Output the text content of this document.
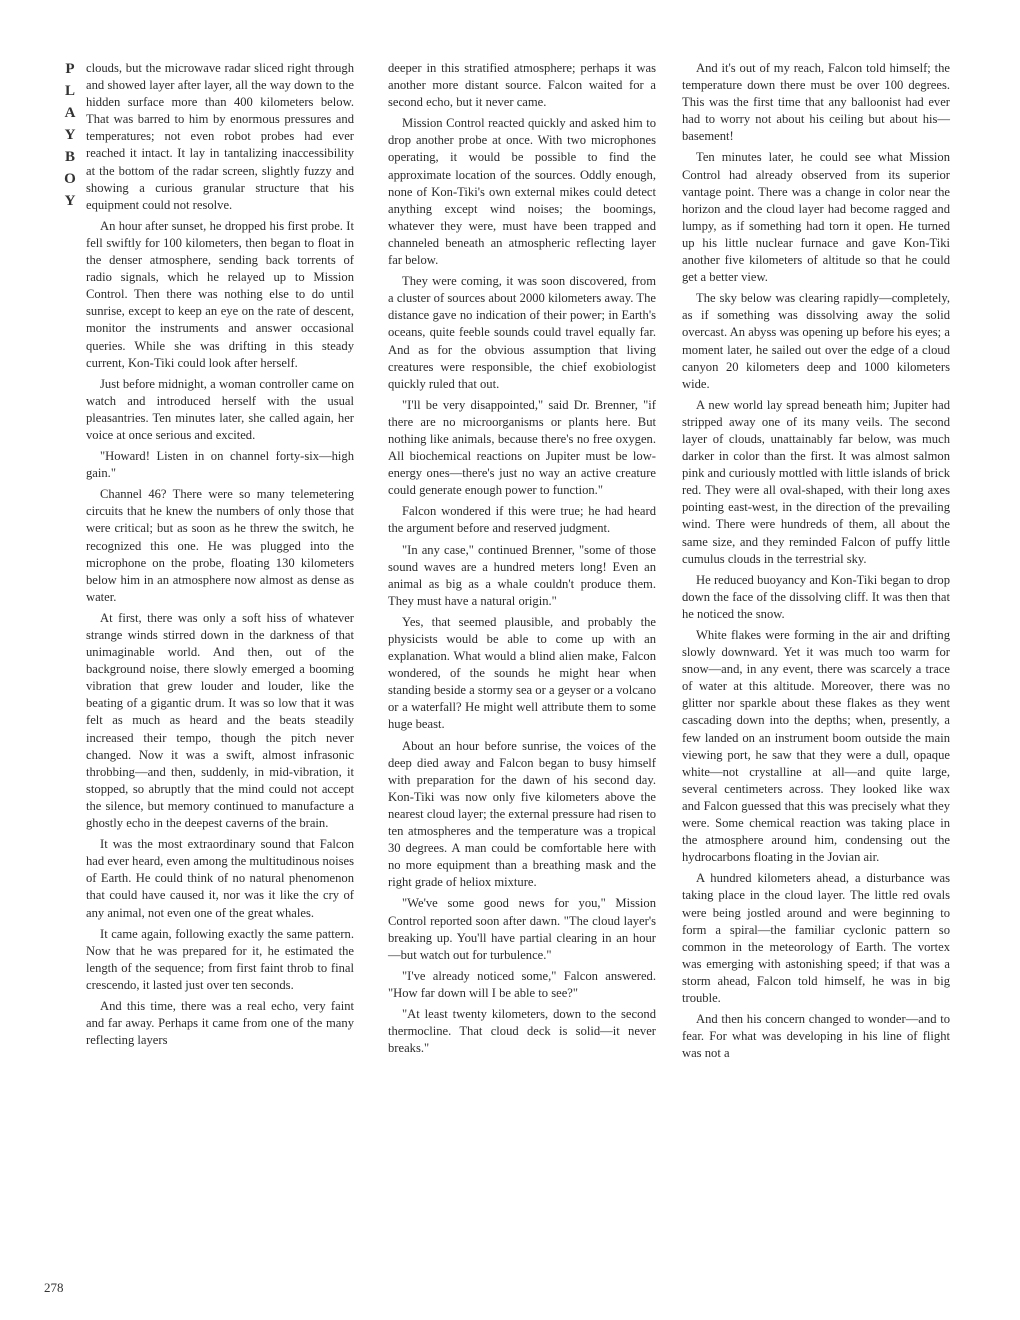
P
L
A
Y
B
O
Y

clouds, but the microwave radar sliced right through and showed layer after layer, all the way down to the hidden surface more than 400 kilometers below. That was barred to him by enormous pressures and temperatures; not even robot probes had ever reached it intact. It lay in tantalizing inaccessibility at the bottom of the radar screen, slightly fuzzy and showing a curious granular structure that his equipment could not resolve.

An hour after sunset, he dropped his first probe. It fell swiftly for 100 kilometers, then began to float in the denser atmosphere, sending back torrents of radio signals, which he relayed up to Mission Control. Then there was nothing else to do until sunrise, except to keep an eye on the rate of descent, monitor the instruments and answer occasional queries. While she was drifting in this steady current, Kon-Tiki could look after herself.

Just before midnight, a woman controller came on watch and introduced herself with the usual pleasantries. Ten minutes later, she called again, her voice at once serious and excited.

"Howard! Listen in on channel forty-six—high gain."

Channel 46? There were so many telemetering circuits that he knew the numbers of only those that were critical; but as soon as he threw the switch, he recognized this one. He was plugged into the microphone on the probe, floating 130 kilometers below him in an atmosphere now almost as dense as water.

At first, there was only a soft hiss of whatever strange winds stirred down in the darkness of that unimaginable world. And then, out of the background noise, there slowly emerged a booming vibration that grew louder and louder, like the beating of a gigantic drum. It was so low that it was felt as much as heard and the beats steadily increased their tempo, though the pitch never changed. Now it was a swift, almost infrasonic throbbing—and then, suddenly, in mid-vibration, it stopped, so abruptly that the mind could not accept the silence, but memory continued to manufacture a ghostly echo in the deepest caverns of the brain.

It was the most extraordinary sound that Falcon had ever heard, even among the multitudinous noises of Earth. He could think of no natural phenomenon that could have caused it, nor was it like the cry of any animal, not even one of the great whales.

It came again, following exactly the same pattern. Now that he was prepared for it, he estimated the length of the sequence; from first faint throb to final crescendo, it lasted just over ten seconds.

And this time, there was a real echo, very faint and far away. Perhaps it came from one of the many reflecting layers

deeper in this stratified atmosphere; perhaps it was another more distant source. Falcon waited for a second echo, but it never came.

Mission Control reacted quickly and asked him to drop another probe at once. With two microphones operating, it would be possible to find the approximate location of the sources. Oddly enough, none of Kon-Tiki's own external mikes could detect anything except wind noises; the boomings, whatever they were, must have been trapped and channeled beneath an atmospheric reflecting layer far below.

They were coming, it was soon discovered, from a cluster of sources about 2000 kilometers away. The distance gave no indication of their power; in Earth's oceans, quite feeble sounds could travel equally far. And as for the obvious assumption that living creatures were responsible, the chief exobiologist quickly ruled that out.

"I'll be very disappointed," said Dr. Brenner, "if there are no microorganisms or plants here. But nothing like animals, because there's no free oxygen. All biochemical reactions on Jupiter must be low-energy ones—there's just no way an active creature could generate enough power to function."

Falcon wondered if this were true; he had heard the argument before and reserved judgment.

"In any case," continued Brenner, "some of those sound waves are a hundred meters long! Even an animal as big as a whale couldn't produce them. They must have a natural origin."

Yes, that seemed plausible, and probably the physicists would be able to come up with an explanation. What would a blind alien make, Falcon wondered, of the sounds he might hear when standing beside a stormy sea or a geyser or a volcano or a waterfall? He might well attribute them to some huge beast.

About an hour before sunrise, the voices of the deep died away and Falcon began to busy himself with preparation for the dawn of his second day. Kon-Tiki was now only five kilometers above the nearest cloud layer; the external pressure had risen to ten atmospheres and the temperature was a tropical 30 degrees. A man could be comfortable here with no more equipment than a breathing mask and the right grade of heliox mixture.

"We've some good news for you," Mission Control reported soon after dawn. "The cloud layer's breaking up. You'll have partial clearing in an hour—but watch out for turbulence."

"I've already noticed some," Falcon answered. "How far down will I be able to see?"

"At least twenty kilometers, down to the second thermocline. That cloud deck is solid—it never breaks."

And it's out of my reach, Falcon told himself; the temperature down there must be over 100 degrees. This was the first time that any balloonist had ever had to worry not about his ceiling but about his—basement!

Ten minutes later, he could see what Mission Control had already observed from its superior vantage point. There was a change in color near the horizon and the cloud layer had become ragged and lumpy, as if something had torn it open. He turned up his little nuclear furnace and gave Kon-Tiki another five kilometers of altitude so that he could get a better view.

The sky below was clearing rapidly—completely, as if something was dissolving away the solid overcast. An abyss was opening up before his eyes; a moment later, he sailed out over the edge of a cloud canyon 20 kilometers deep and 1000 kilometers wide.

A new world lay spread beneath him; Jupiter had stripped away one of its many veils. The second layer of clouds, unattainably far below, was much darker in color than the first. It was almost salmon pink and curiously mottled with little islands of brick red. They were all oval-shaped, with their long axes pointing east-west, in the direction of the prevailing wind. There were hundreds of them, all about the same size, and they reminded Falcon of puffy little cumulus clouds in the terrestrial sky.

He reduced buoyancy and Kon-Tiki began to drop down the face of the dissolving cliff. It was then that he noticed the snow.

White flakes were forming in the air and drifting slowly downward. Yet it was much too warm for snow—and, in any event, there was scarcely a trace of water at this altitude. Moreover, there was no glitter nor sparkle about these flakes as they went cascading down into the depths; when, presently, a few landed on an instrument boom outside the main viewing port, he saw that they were a dull, opaque white—not crystalline at all—and quite large, several centimeters across. They looked like wax and Falcon guessed that this was precisely what they were. Some chemical reaction was taking place in the atmosphere around him, condensing out the hydrocarbons floating in the Jovian air.

A hundred kilometers ahead, a disturbance was taking place in the cloud layer. The little red ovals were being jostled around and were beginning to form a spiral—the familiar cyclonic pattern so common in the meteorology of Earth. The vortex was emerging with astonishing speed; if that was a storm ahead, Falcon told himself, he was in big trouble.

And then his concern changed to wonder—and to fear. For what was developing in his line of flight was not a

278
